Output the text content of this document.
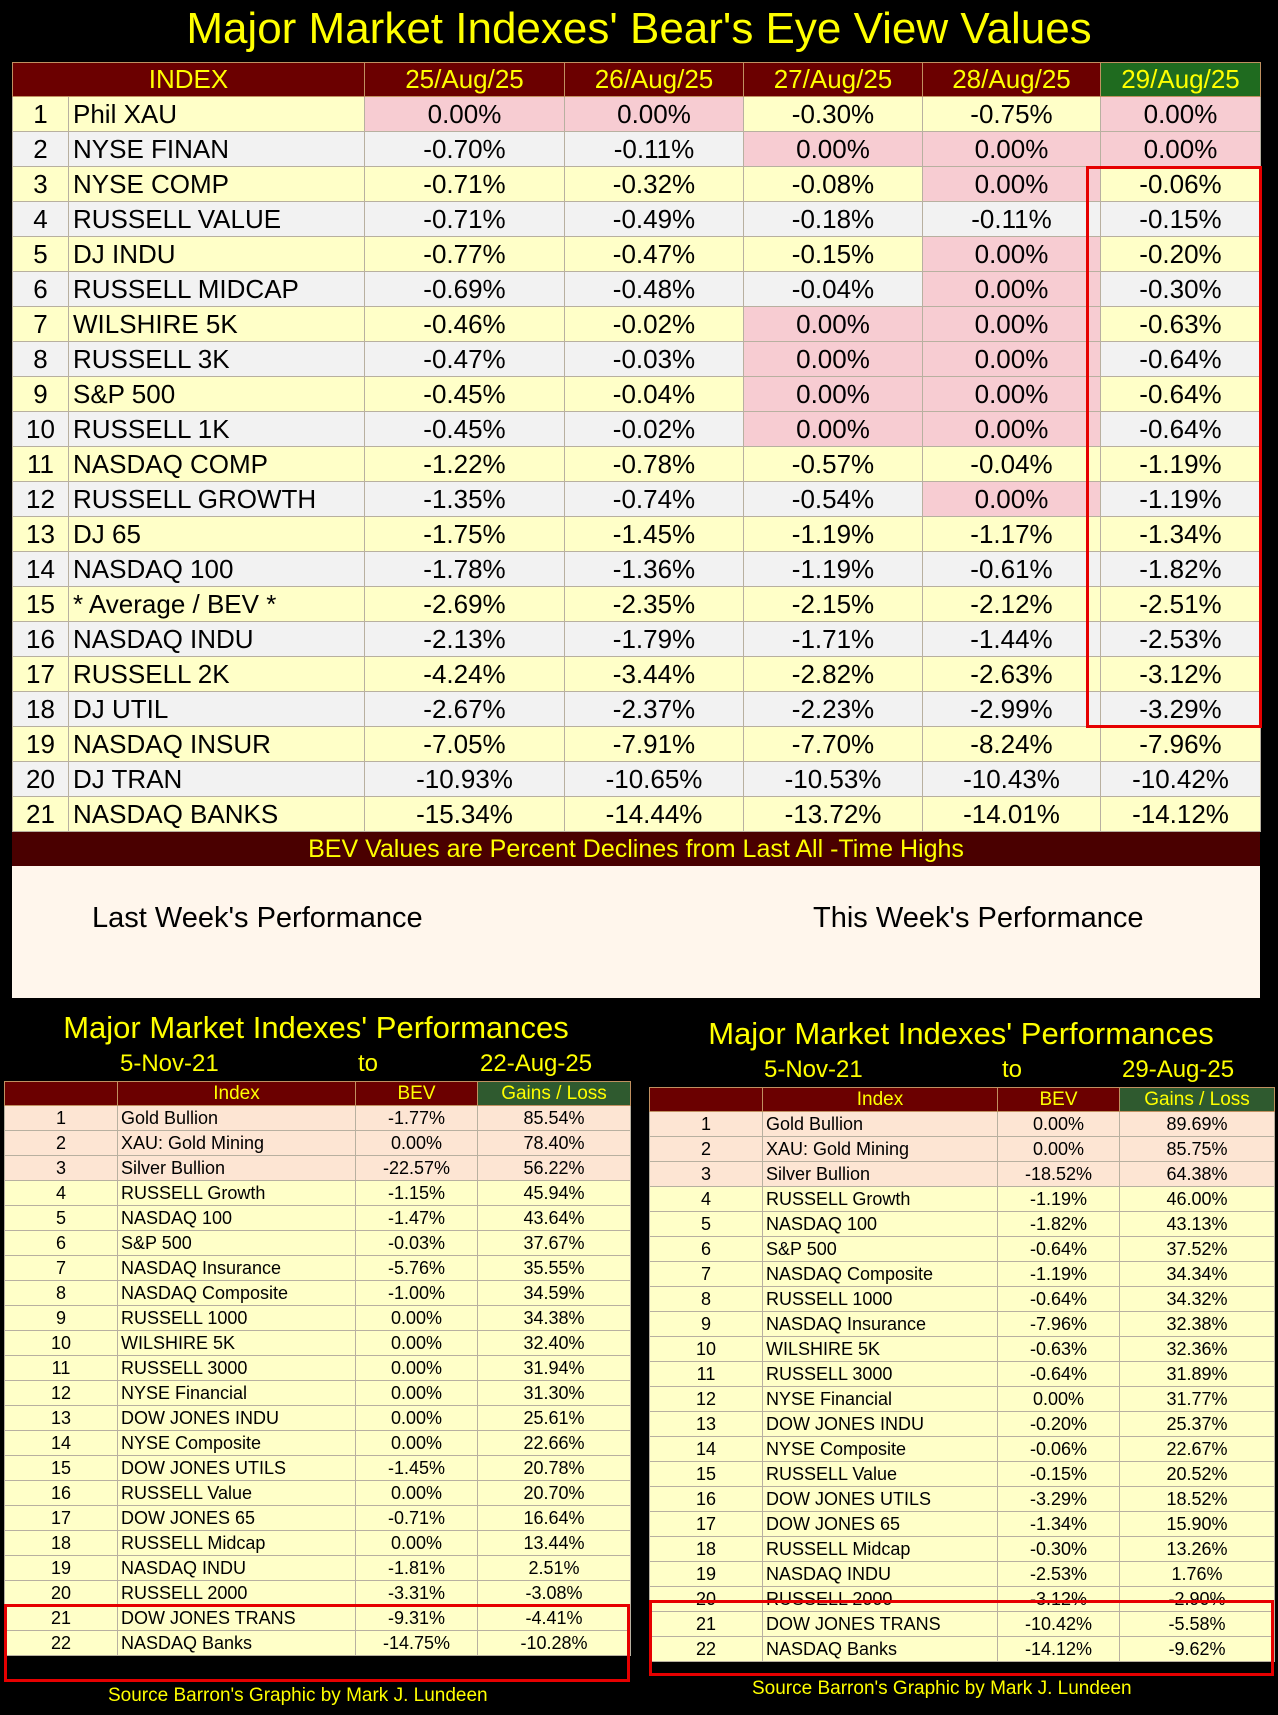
Major Market Indexes' Bear's Eye View Values
INDEX		25/Aug/25	26/Aug/25	27/Aug/25	28/Aug/25	29/Aug/25
1	Phil XAU	0.00%	0.00%	-0.30%	-0.75%	0.00%
2	NYSE FINAN	-0.70%	-0.11%	0.00%	0.00%	0.00%
3	NYSE COMP	-0.71%	-0.32%	-0.08%	0.00%	-0.06%
4	RUSSELL VALUE	-0.71%	-0.49%	-0.18%	-0.11%	-0.15%
5	DJ INDU	-0.77%	-0.47%	-0.15%	0.00%	-0.20%
6	RUSSELL MIDCAP	-0.69%	-0.48%	-0.04%	0.00%	-0.30%
7	WILSHIRE 5K	-0.46%	-0.02%	0.00%	0.00%	-0.63%
8	RUSSELL 3K	-0.47%	-0.03%	0.00%	0.00%	-0.64%
9	S&P 500	-0.45%	-0.04%	0.00%	0.00%	-0.64%
10	RUSSELL 1K	-0.45%	-0.02%	0.00%	0.00%	-0.64%
11	NASDAQ COMP	-1.22%	-0.78%	-0.57%	-0.04%	-1.19%
12	RUSSELL GROWTH	-1.35%	-0.74%	-0.54%	0.00%	-1.19%
13	DJ 65	-1.75%	-1.45%	-1.19%	-1.17%	-1.34%
14	NASDAQ 100	-1.78%	-1.36%	-1.19%	-0.61%	-1.82%
15	* Average / BEV *	-2.69%	-2.35%	-2.15%	-2.12%	-2.51%
16	NASDAQ INDU	-2.13%	-1.79%	-1.71%	-1.44%	-2.53%
17	RUSSELL 2K	-4.24%	-3.44%	-2.82%	-2.63%	-3.12%
18	DJ UTIL	-2.67%	-2.37%	-2.23%	-2.99%	-3.29%
19	NASDAQ INSUR	-7.05%	-7.91%	-7.70%	-8.24%	-7.96%
20	DJ TRAN	-10.93%	-10.65%	-10.53%	-10.43%	-10.42%
21	NASDAQ BANKS	-15.34%	-14.44%	-13.72%	-14.01%	-14.12%
BEV Values are Percent Declines from Last All -Time Highs
Last Week's Performance	This Week's Performance
Major Market Indexes' Performances
5-Nov-21	to	22-Aug-25
	Index	BEV	Gains / Loss
1	Gold Bullion	-1.77%	85.54%
2	XAU: Gold Mining	0.00%	78.40%
3	Silver Bullion	-22.57%	56.22%
4	RUSSELL Growth	-1.15%	45.94%
5	NASDAQ 100	-1.47%	43.64%
6	S&P 500	-0.03%	37.67%
7	NASDAQ Insurance	-5.76%	35.55%
8	NASDAQ Composite	-1.00%	34.59%
9	RUSSELL 1000	0.00%	34.38%
10	WILSHIRE 5K	0.00%	32.40%
11	RUSSELL 3000	0.00%	31.94%
12	NYSE Financial	0.00%	31.30%
13	DOW JONES INDU	0.00%	25.61%
14	NYSE Composite	0.00%	22.66%
15	DOW JONES UTILS	-1.45%	20.78%
16	RUSSELL Value	0.00%	20.70%
17	DOW JONES 65	-0.71%	16.64%
18	RUSSELL Midcap	0.00%	13.44%
19	NASDAQ INDU	-1.81%	2.51%
20	RUSSELL 2000	-3.31%	-3.08%
21	DOW JONES TRANS	-9.31%	-4.41%
22	NASDAQ Banks	-14.75%	-10.28%
Source Barron's Graphic by Mark J. Lundeen
Major Market Indexes' Performances
5-Nov-21	to	29-Aug-25
	Index	BEV	Gains / Loss
1	Gold Bullion	0.00%	89.69%
2	XAU: Gold Mining	0.00%	85.75%
3	Silver Bullion	-18.52%	64.38%
4	RUSSELL Growth	-1.19%	46.00%
5	NASDAQ 100	-1.82%	43.13%
6	S&P 500	-0.64%	37.52%
7	NASDAQ Composite	-1.19%	34.34%
8	RUSSELL 1000	-0.64%	34.32%
9	NASDAQ Insurance	-7.96%	32.38%
10	WILSHIRE 5K	-0.63%	32.36%
11	RUSSELL 3000	-0.64%	31.89%
12	NYSE Financial	0.00%	31.77%
13	DOW JONES INDU	-0.20%	25.37%
14	NYSE Composite	-0.06%	22.67%
15	RUSSELL Value	-0.15%	20.52%
16	DOW JONES UTILS	-3.29%	18.52%
17	DOW JONES 65	-1.34%	15.90%
18	RUSSELL Midcap	-0.30%	13.26%
19	NASDAQ INDU	-2.53%	1.76%
20	RUSSELL 2000	-3.12%	-2.90%
21	DOW JONES TRANS	-10.42%	-5.58%
22	NASDAQ Banks	-14.12%	-9.62%
Source Barron's Graphic by Mark J. Lundeen
